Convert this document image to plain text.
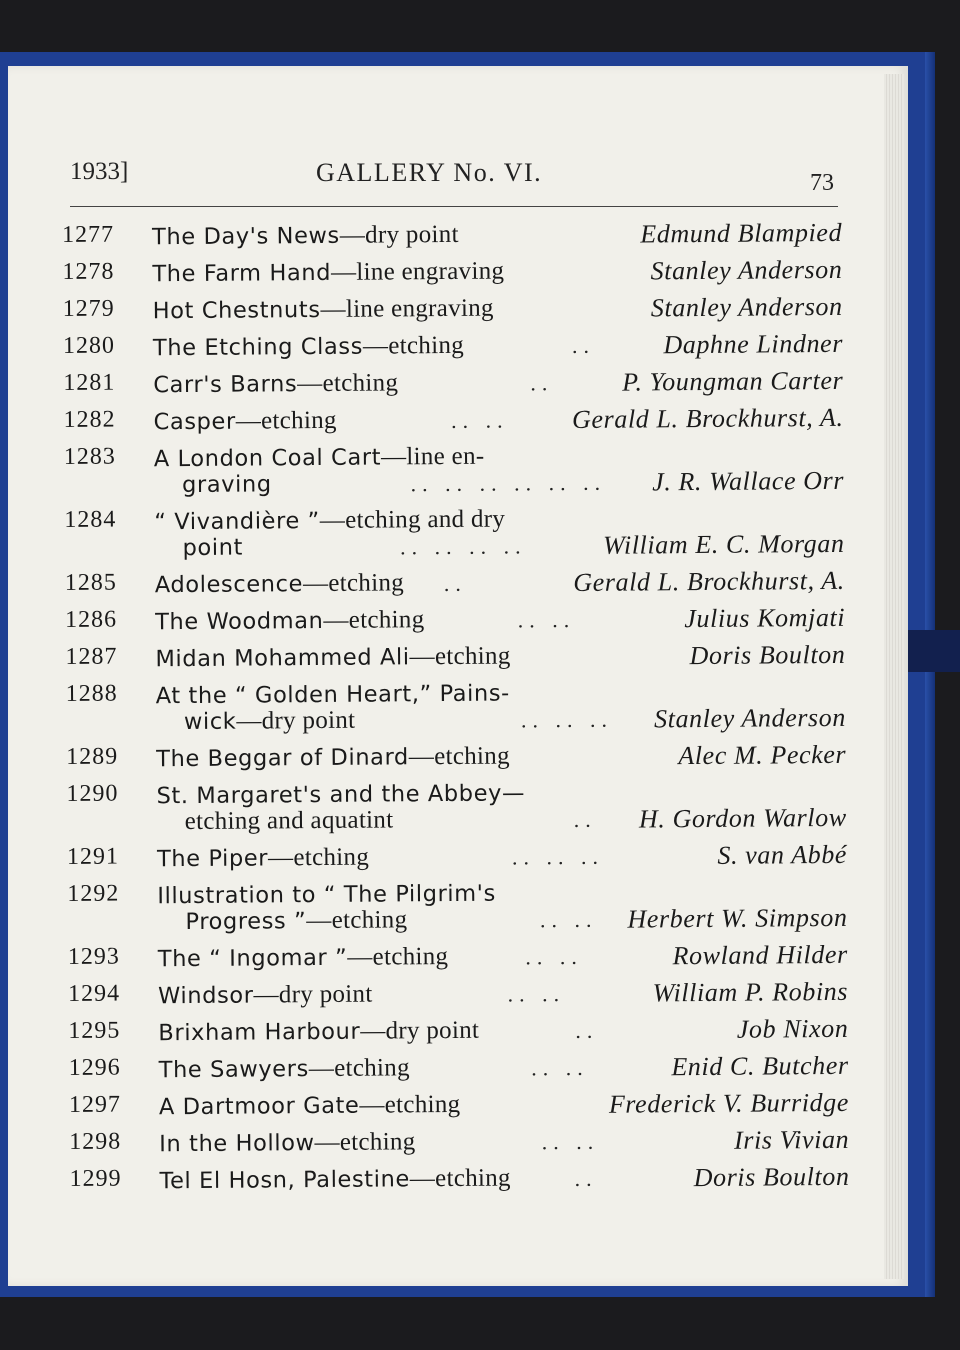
1933]	GALLERY No. VI.	73
1277	The Day's News—dry point	Edmund Blampied
1278	The Farm Hand—line engraving	Stanley Anderson
1279	Hot Chestnuts—line engraving	Stanley Anderson
1280	The Etching Class—etching	..	Daphne Lindner
1281	Carr's Barns—etching	..	P. Youngman Carter
1282	Casper—etching	.. .. Gerald L. Brockhurst, A.
1283	A London Coal Cart—line en-
graving	.. .. .. .. .. .. J. R. Wallace Orr
1284	“ Vivandière ”—etching and dry
point	.. .. .. ..	William E. C. Morgan
1285	Adolescence—etching ..	Gerald L. Brockhurst, A.
1286	The Woodman—etching	.. ..	Julius Komjati
1287	Midan Mohammed Ali—etching	Doris Boulton
1288	At the “ Golden Heart,” Pains-
wick—dry point	.. .. .. Stanley Anderson
1289	The Beggar of Dinard—etching	Alec M. Pecker
1290	St. Margaret's and the Abbey—
etching and aquatint	.. H. Gordon Warlow
1291	The Piper—etching	.. .. ..	S. van Abbé
1292	Illustration to “ The Pilgrim's
Progress ”—etching	.. .. Herbert W. Simpson
1293	The “ Ingomar ”—etching	.. ..	Rowland Hilder
1294	Windsor—dry point	.. ..	William P. Robins
1295	Brixham Harbour—dry point	..	Job Nixon
1296	The Sawyers—etching	.. ..	Enid C. Butcher
1297	A Dartmoor Gate—etching	Frederick V. Burridge
1298	In the Hollow—etching	.. ..	Iris Vivian
1299	Tel El Hosn, Palestine—etching	..	Doris Boulton
